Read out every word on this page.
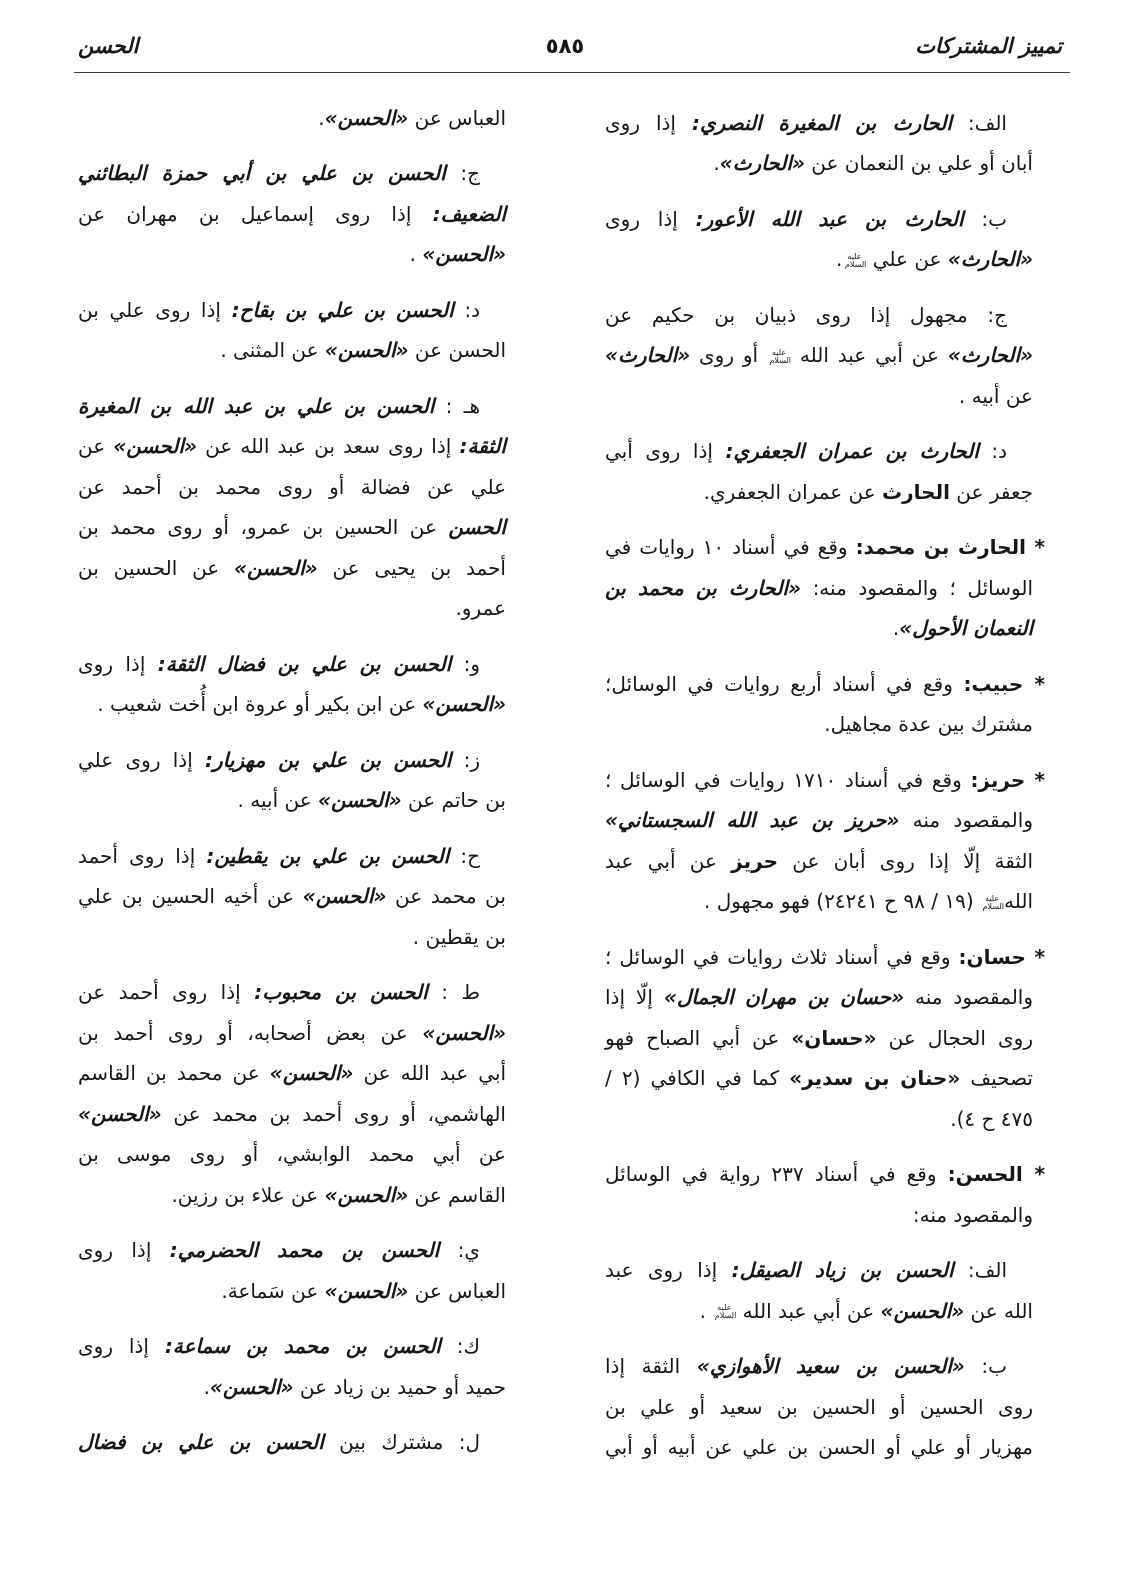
تمييز المشتركات
٥٨٥
الحسن
الف: الحارث بن المغيرة النصري: إذا روى
أبان أو علي بن النعمان عن «الحارث».
ب: الحارث بن عبد الله الأعور: إذا روى
«الحارث» عن علي عليه السلام.
ج: مجهول إذا روى ذبيان بن حكيم عن
«الحارث» عن أبي عبد الله عليه السلام أو روى «الحارث»
عن أبيه .
د: الحارث بن عمران الجعفري: إذا روى أبي
جعفر عن الحارث عن عمران الجعفري.
* الحارث بن محمد: وقع في أسناد ١٠ روايات في
الوسائل ؛ والمقصود منه: «الحارث بن محمد بن
النعمان الأحول».
* حبيب: وقع في أسناد أربع روايات في الوسائل؛
مشترك بين عدة مجاهيل.
* حريز: وقع في أسناد ١٧١٠ روايات في الوسائل ؛
والمقصود منه «حريز بن عبد الله السجستاني»
الثقة إلّا إذا روى أبان عن حريز عن أبي عبد
اللهعليه السلام (١٩ / ٩٨ ح ٢٤٢٤١) فهو مجهول .
* حسان: وقع في أسناد ثلاث روايات في الوسائل ؛
والمقصود منه «حسان بن مهران الجمال» إلّا إذا
روى الحجال عن «حسان» عن أبي الصباح فهو
تصحيف «حنان بن سدير» كما في الكافي (٢ /
٤٧٥ ح ٤).
* الحسن: وقع في أسناد ٢٣٧ رواية في الوسائل
والمقصود منه:
الف: الحسن بن زياد الصيقل: إذا روى عبد
الله عن «الحسن» عن أبي عبد الله عليه السلام .
ب: «الحسن بن سعيد الأهوازي» الثقة إذا
روى الحسين أو الحسين بن سعيد أو علي بن
مهزيار أو علي أو الحسن بن علي عن أبيه أو أبي
العباس عن «الحسن».
ج: الحسن بن علي بن أبي حمزة البطائني
الضعيف: إذا روى إسماعيل بن مهران عن
«الحسن» .
د: الحسن بن علي بن بقاح: إذا روى علي بن
الحسن عن «الحسن» عن المثنى .
هـ : الحسن بن علي بن عبد الله بن المغيرة
الثقة: إذا روى سعد بن عبد الله عن «الحسن» عن
علي عن فضالة أو روى محمد بن أحمد عن
الحسن عن الحسين بن عمرو، أو روى محمد بن
أحمد بن يحيى عن «الحسن» عن الحسين بن
عمرو.
و: الحسن بن علي بن فضال الثقة: إذا روى
«الحسن» عن ابن بكير أو عروة ابن أُخت شعيب .
ز: الحسن بن علي بن مهزيار: إذا روى علي
بن حاتم عن «الحسن» عن أبيه .
ح: الحسن بن علي بن يقطين: إذا روى أحمد
بن محمد عن «الحسن» عن أخيه الحسين بن علي
بن يقطين .
ط : الحسن بن محبوب: إذا روى أحمد عن
«الحسن» عن بعض أصحابه، أو روى أحمد بن
أبي عبد الله عن «الحسن» عن محمد بن القاسم
الهاشمي، أو روى أحمد بن محمد عن «الحسن»
عن أبي محمد الوابشي، أو روى موسى بن
القاسم عن «الحسن» عن علاء بن رزين.
ي: الحسن بن محمد الحضرمي: إذا روى
العباس عن «الحسن» عن سَماعة.
ك: الحسن بن محمد بن سماعة: إذا روى
حميد أو حميد بن زياد عن «الحسن».
ل: مشترك بين الحسن بن علي بن فضال
